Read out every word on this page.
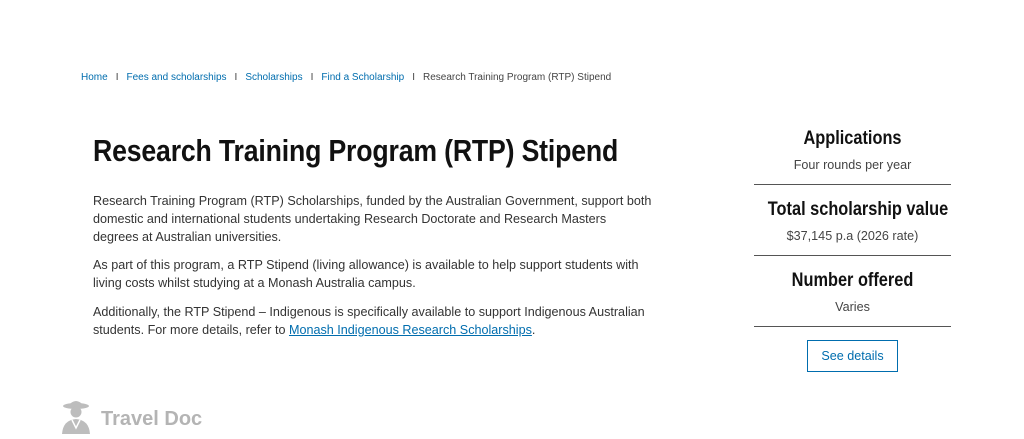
Home I Fees and scholarships I Scholarships I Find a Scholarship I Research Training Program (RTP) Stipend
Research Training Program (RTP) Stipend

Research Training Program (RTP) Scholarships, funded by the Australian Government, support both domestic and international students undertaking Research Doctorate and Research Masters degrees at Australian universities.

As part of this program, a RTP Stipend (living allowance) is available to help support students with living costs whilst studying at a Monash Australia campus.

Additionally, the RTP Stipend – Indigenous is specifically available to support Indigenous Australian students. For more details, refer to Monash Indigenous Research Scholarships.

Applications
Four rounds per year
Total scholarship value
$37,145 p.a (2026 rate)
Number offered
Varies
See details
Travel Doc
